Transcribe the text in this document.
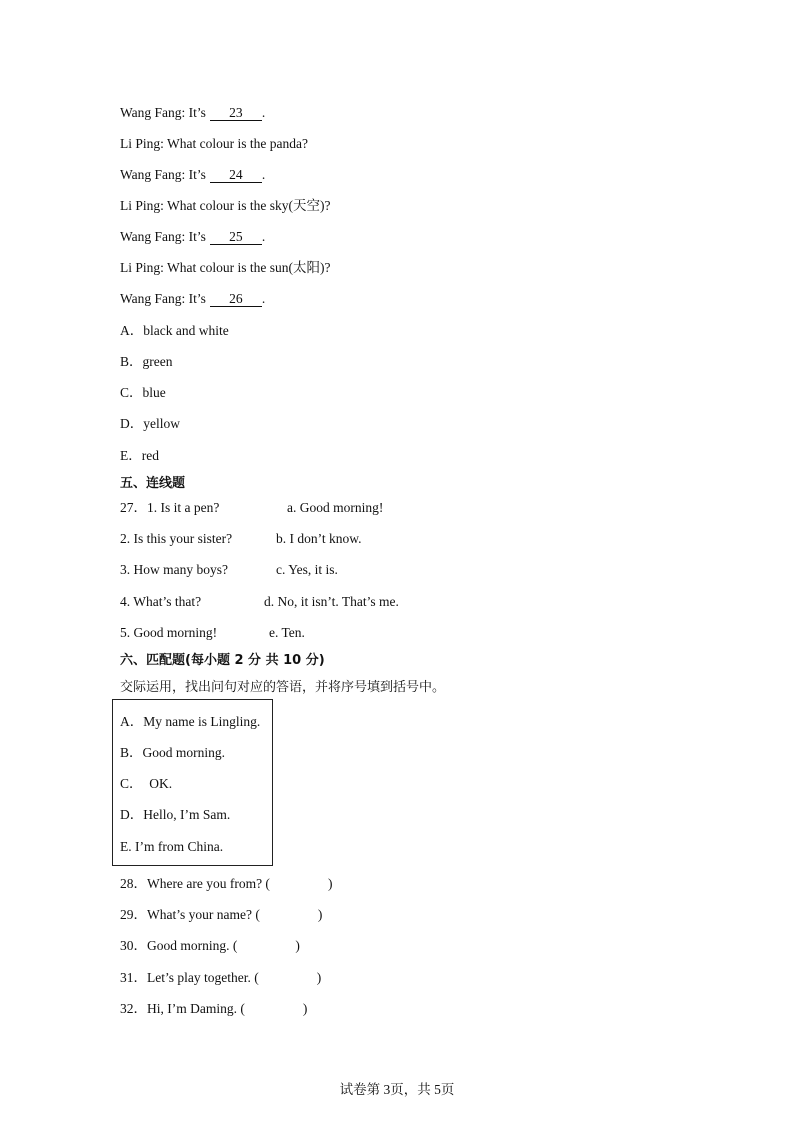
Wang Fang: It’s 23 .
Li Ping: What colour is the panda?
Wang Fang: It’s 24 .
Li Ping: What colour is the sky(天空)?
Wang Fang: It’s 25 .
Li Ping: What colour is the sun(太阳)?
Wang Fang: It’s 26 .
A．black and white
B．green
C．blue
D．yellow
E．red
五、连线题
27．1. Is it a pen?	a. Good morning!
2. Is this your sister?	b. I don’t know.
3. How many boys?	c. Yes, it is.
4. What’s that?	d. No, it isn’t. That’s me.
5. Good morning!	e. Ten.
六、匹配题(每小题 2 分 共 10 分)
交际运用，找出问句对应的答语，并将序号填到括号中。
A．My name is Lingling.
B．Good morning.
C．  OK.
D．Hello, I’m Sam.
E. I’m from China.
28．Where are you from? (	)
29．What’s your name? (	)
30．Good morning. (	)
31．Let’s play together. (	)
32．Hi, I’m Daming. (	)
试卷第 3页，共 5页
